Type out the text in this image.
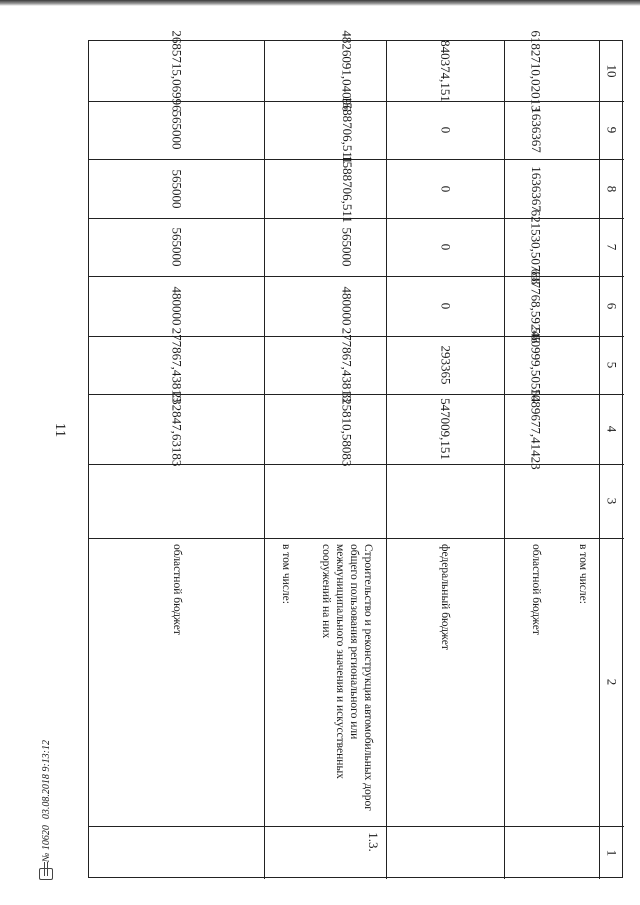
11
10
9
8
7
6
5
4
3
2
1
в том числе:
областной бюджет
1089677,41423
560999,50554
637768,59248
621530,50788
1636367
1636367
6182710,02013
федеральный бюджет
547009,151
293365
0
0
0
0
840374,151
1.3.
Строительство и реконструкция автомобильных дорог общего пользования регионального или межмуниципального значения и искусственных сооружений на них
325810,58083
277867,43813
480000
565000
1588706,511
1588706,511
4826091,04096
в том числе:
областной бюджет
232847,63183
277867,43813
480000
565000
565000
565000
2685715,06996
№ 10620
03.08.2018 9:13:12
